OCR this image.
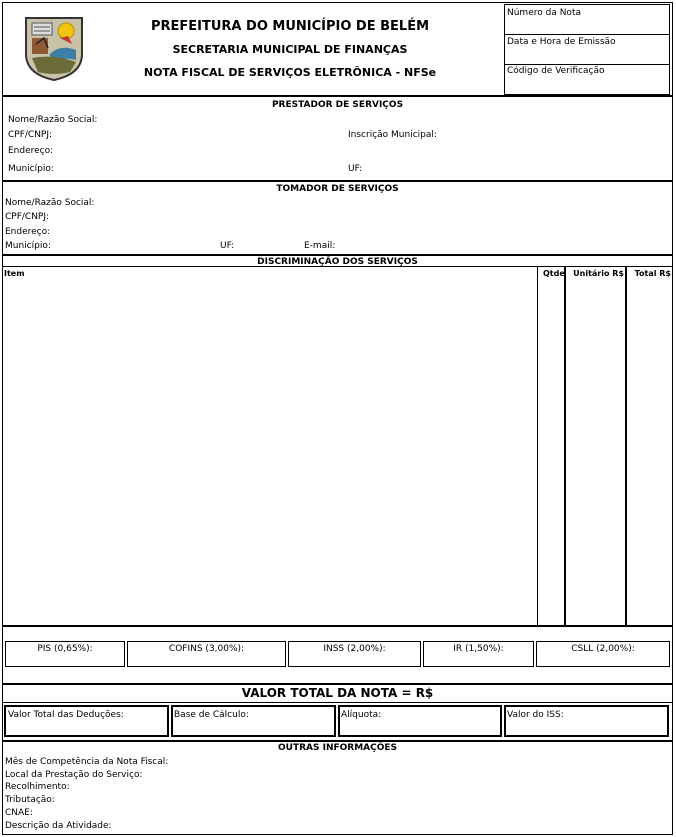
PREFEITURA DO MUNICÍPIO DE BELÉM
SECRETARIA MUNICIPAL DE FINANÇAS
NOTA FISCAL DE SERVIÇOS ELETRÔNICA - NFSe
Número da Nota
Data e Hora de Emissão
Código de Verificação
PRESTADOR DE SERVIÇOS
Nome/Razão Social:
CPF/CNPJ:	Inscrição Municipal:
Endereço:
Município:	UF:
TOMADOR DE SERVIÇOS
Nome/Razão Social:
CPF/CNPJ:
Endereço:
Município:	UF:	E-mail:
DISCRIMINAÇÃO DOS SERVIÇOS
Item	Qtde	Unitário R$	Total R$
PIS (0,65%):	COFINS (3,00%):	INSS (2,00%):	IR (1,50%):	CSLL (2,00%):
VALOR TOTAL DA NOTA = R$
Valor Total das Deduções:	Base de Cálculo:	Alíquota:	Valor do ISS:
OUTRAS INFORMAÇÕES
Mês de Competência da Nota Fiscal:
Local da Prestação do Serviço:
Recolhimento:
Tributação:
CNAE:
Descrição da Atividade:
